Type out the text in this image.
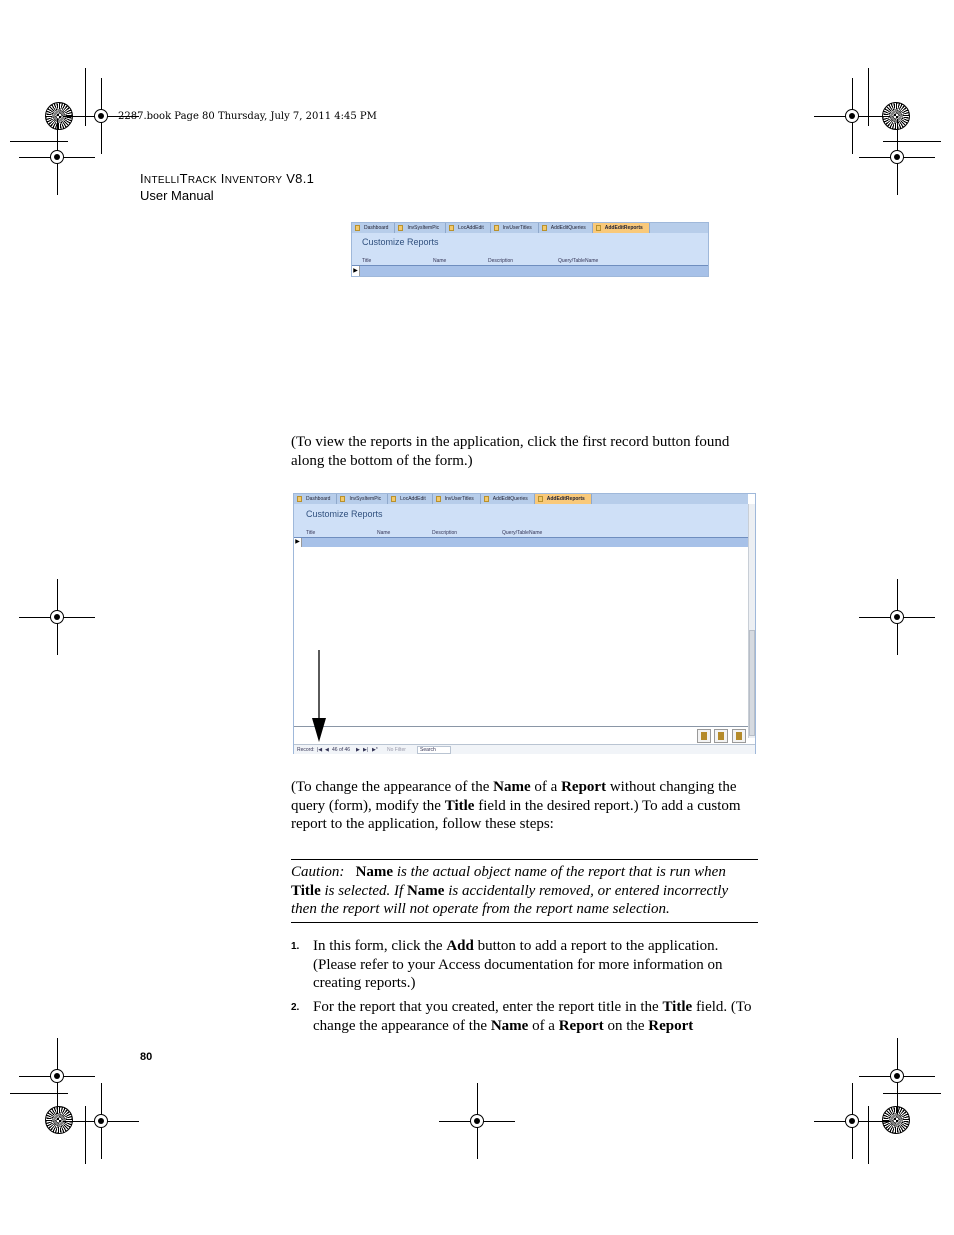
2287.book Page 80 Thursday, July 7, 2011 4:45 PM
INTELLITRACK INVENTORY V8.1
User Manual
Dashboard	InvSysItemPic	LocAddEdit	InvUserTitles	AddEditQueries	AddEditReports
Customize Reports
Title	Name	Description	Query/TableName
▶
(To view the reports in the application, click the first record button found along the bottom of the form.)
Dashboard	InvSysItemPic	LocAddEdit	InvUserTitles	AddEditQueries	AddEditReports
Customize Reports
Title	Name	Description	Query/TableName
▶
Record: |◀ ◀ 46 of 46 ▶ ▶| ▶* No Filter	Search
(To change the appearance of the Name of a Report without changing the query (form), modify the Title field in the desired report.) To add a custom report to the application, follow these steps:
Caution: Name is the actual object name of the report that is run when Title is selected. If Name is accidentally removed, or entered incorrectly then the report will not operate from the report name selection.
1. In this form, click the Add button to add a report to the application. (Please refer to your Access documentation for more information on creating reports.)
2. For the report that you created, enter the report title in the Title field. (To change the appearance of the Name of a Report on the Report
80
